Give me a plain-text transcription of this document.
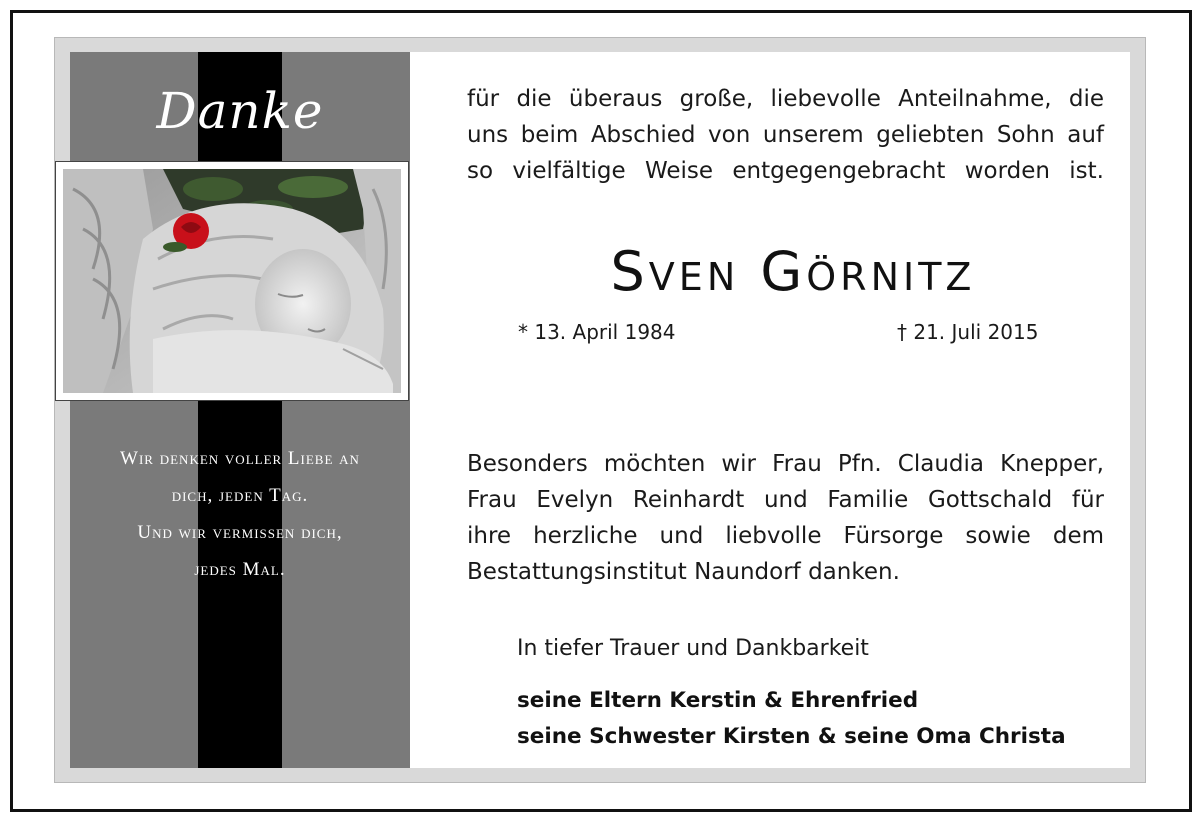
Danke
Wir denken voller Liebe an
dich, jeden Tag.
Und wir vermissen dich,
jedes Mal.
für die überaus große, liebevolle Anteilnahme, die
uns beim Abschied von unserem geliebten Sohn auf
so vielfältige Weise entgegengebracht worden ist.
Sven Görnitz
* 13. April 1984	† 21. Juli 2015
Besonders möchten wir Frau Pfn. Claudia Knepper,
Frau Evelyn Reinhardt und Familie Gottschald für
ihre herzliche und liebvolle Fürsorge sowie dem
Bestattungsinstitut Naundorf danken.
In tiefer Trauer und Dankbarkeit
seine Eltern Kerstin & Ehrenfried
seine Schwester Kirsten & seine Oma Christa
